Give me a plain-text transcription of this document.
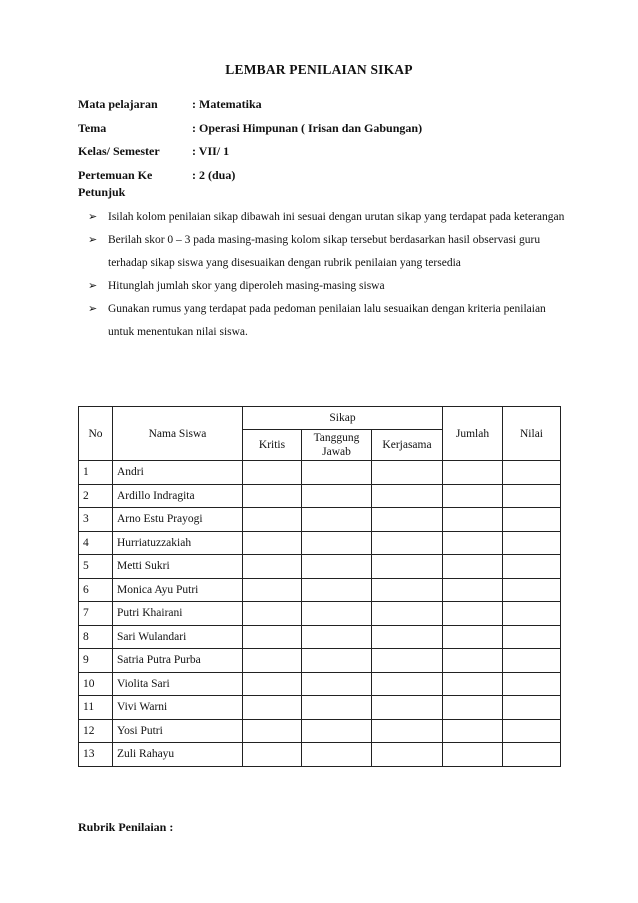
LEMBAR PENILAIAN SIKAP
Mata pelajaran	: Matematika
Tema	: Operasi Himpunan ( Irisan dan Gabungan)
Kelas/ Semester	: VII/ 1
Pertemuan Ke	: 2 (dua)
Petunjuk
➢ Isilah kolom penilaian sikap dibawah ini sesuai dengan urutan sikap yang terdapat pada keterangan
➢ Berilah skor 0 – 3 pada masing-masing kolom sikap tersebut berdasarkan hasil observasi guru terhadap sikap siswa yang disesuaikan dengan rubrik penilaian yang tersedia
➢ Hitunglah jumlah skor yang diperoleh masing-masing siswa
➢ Gunakan rumus yang terdapat pada pedoman penilaian lalu sesuaikan dengan kriteria penilaian untuk menentukan nilai siswa.
No	Nama Siswa	Sikap			Jumlah	Nilai
		Kritis	Tanggung Jawab	Kerjasama		
1	Andri					
2	Ardillo Indragita					
3	Arno Estu Prayogi					
4	Hurriatuzzakiah					
5	Metti Sukri					
6	Monica Ayu Putri					
7	Putri Khairani					
8	Sari Wulandari					
9	Satria Putra Purba					
10	Violita Sari					
11	Vivi Warni					
12	Yosi Putri					
13	Zuli Rahayu					
Rubrik Penilaian :
